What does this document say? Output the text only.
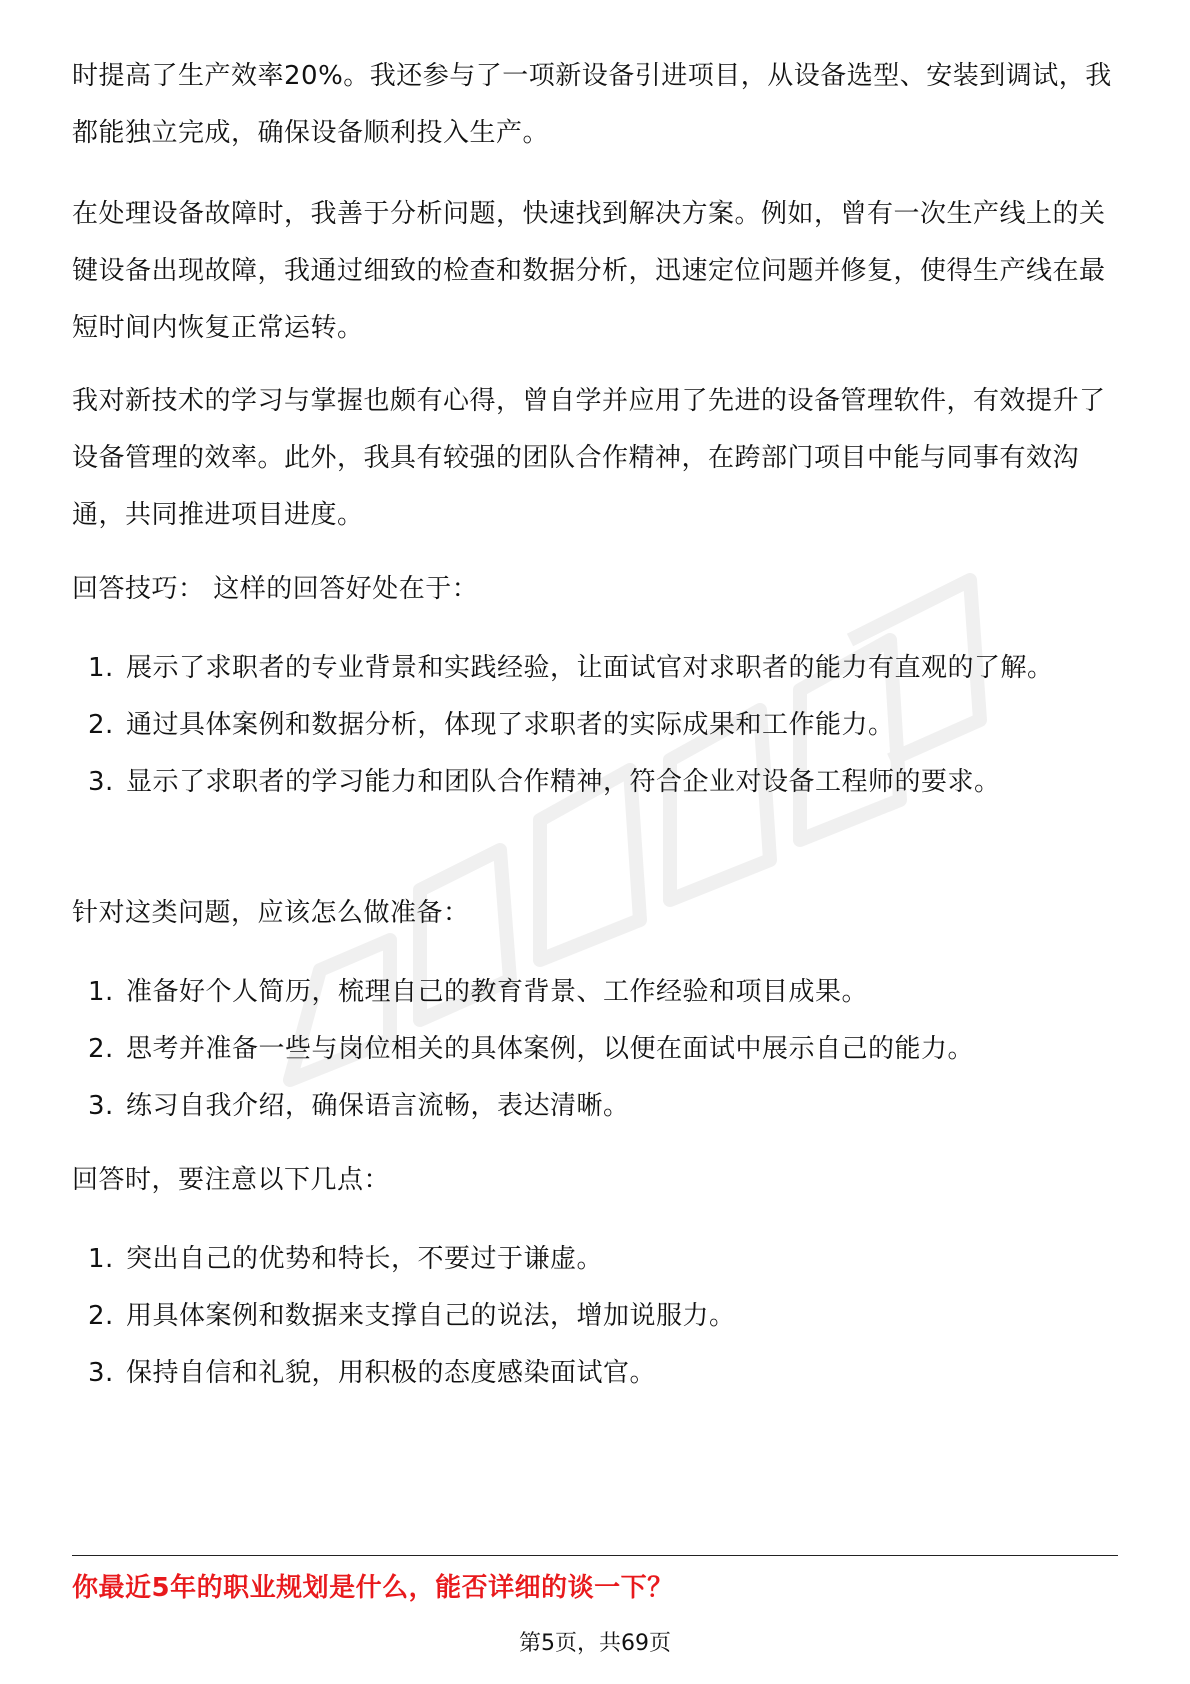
时提高了生产效率20%。我还参与了一项新设备引进项目，从设备选型、安装到调试，我都能独立完成，确保设备顺利投入生产。

在处理设备故障时，我善于分析问题，快速找到解决方案。例如，曾有一次生产线上的关键设备出现故障，我通过细致的检查和数据分析，迅速定位问题并修复，使得生产线在最短时间内恢复正常运转。

我对新技术的学习与掌握也颇有心得，曾自学并应用了先进的设备管理软件，有效提升了设备管理的效率。此外，我具有较强的团队合作精神，在跨部门项目中能与同事有效沟通，共同推进项目进度。

回答技巧： 这样的回答好处在于：

1. 展示了求职者的专业背景和实践经验，让面试官对求职者的能力有直观的了解。
2. 通过具体案例和数据分析，体现了求职者的实际成果和工作能力。
3. 显示了求职者的学习能力和团队合作精神，符合企业对设备工程师的要求。

针对这类问题，应该怎么做准备：

1. 准备好个人简历，梳理自己的教育背景、工作经验和项目成果。
2. 思考并准备一些与岗位相关的具体案例，以便在面试中展示自己的能力。
3. 练习自我介绍，确保语言流畅，表达清晰。

回答时，要注意以下几点：

1. 突出自己的优势和特长，不要过于谦虚。
2. 用具体案例和数据来支撑自己的说法，增加说服力。
3. 保持自信和礼貌，用积极的态度感染面试官。
你最近5年的职业规划是什么，能否详细的谈一下？
第5页，共69页
